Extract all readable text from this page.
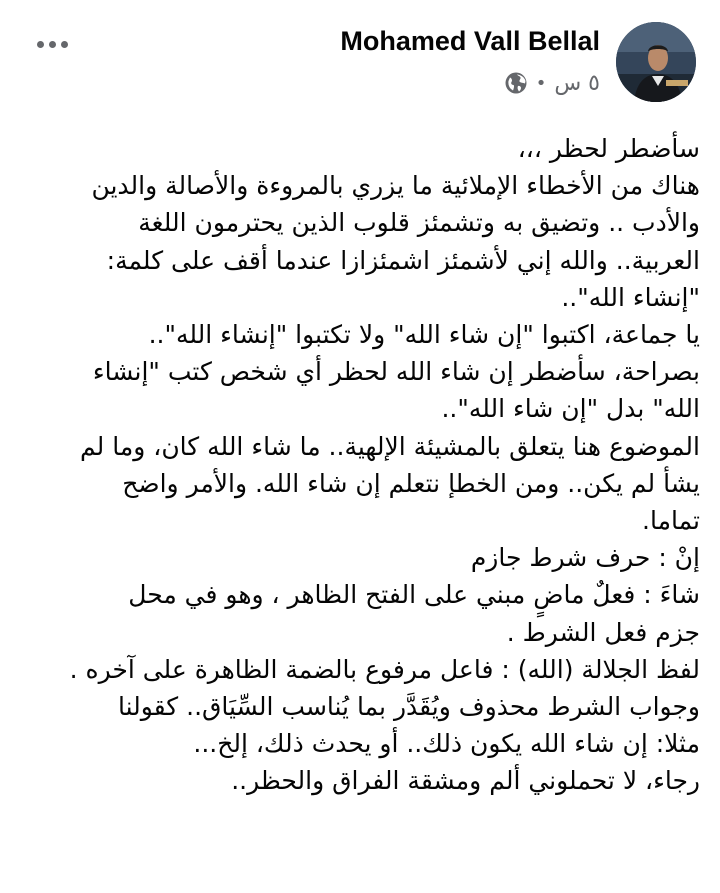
Mohamed Vall Bellal
٥ س
•

سأضطر لحظر ،،،

هناك من الأخطاء الإملائية ما يزري بالمروءة والأصالة والدين

والأدب .. وتضيق به وتشمئز قلوب الذين يحترمون اللغة

العربية.. والله إني لأشمئز اشمئزازا عندما أقف على كلمة:

"إنشاء الله"..

يا جماعة، اكتبوا "إن شاء الله" ولا تكتبوا "إنشاء الله"..

بصراحة، سأضطر إن شاء الله لحظر أي شخص كتب "إنشاء

الله" بدل "إن شاء الله"..

الموضوع هنا يتعلق بالمشيئة الإلهية.. ما شاء الله كان، وما لم

يشأ لم يكن.. ومن الخطإ نتعلم إن شاء الله. والأمر واضح

تماما.

إنْ : حرف شرط جازم

شاءَ : فعلٌ ماضٍ مبني على الفتح الظاهر ، وهو في محل

جزم فعل الشرط .

لفظ الجلالة (الله) : فاعل مرفوع بالضمة الظاهرة على آخره .

وجواب الشرط محذوف ويُقَدَّر بما يُناسب السِّيَاق.. كقولنا

مثلا: إن شاء الله يكون ذلك.. أو يحدث ذلك، إلخ...

رجاء، لا تحملوني ألم ومشقة الفراق والحظر..
